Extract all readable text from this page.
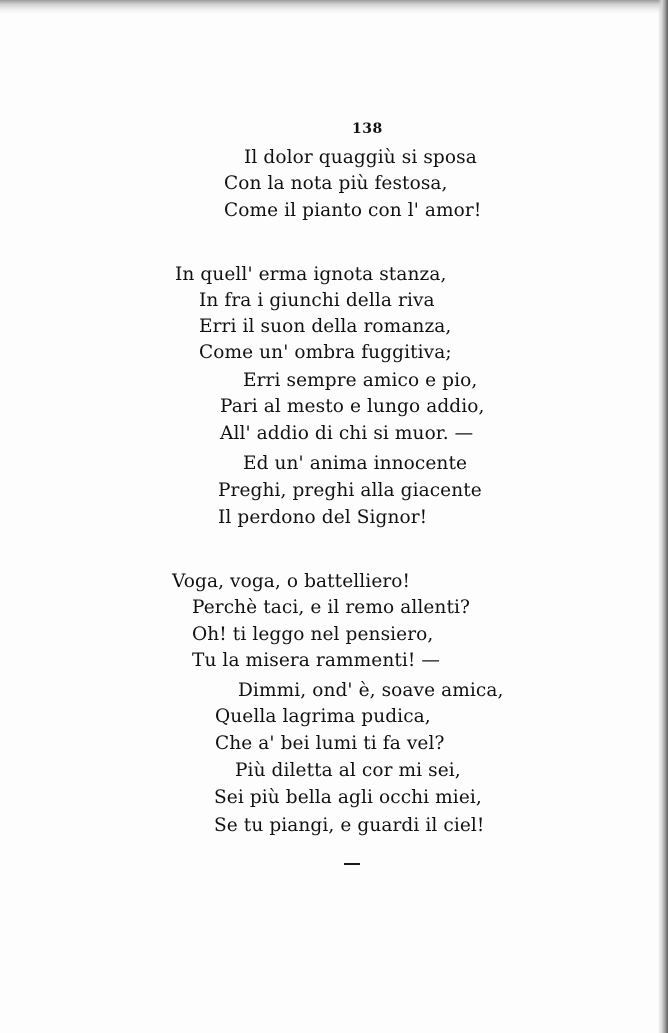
138
Il dolor quaggiù si sposa
Con la nota più festosa,
Come il pianto con l' amor!
In quell' erma ignota stanza,
In fra i giunchi della riva
Erri il suon della romanza,
Come un' ombra fuggitiva;
Erri sempre amico e pio,
Pari al mesto e lungo addio,
All' addio di chi si muor. —
Ed un' anima innocente
Preghi, preghi alla giacente
Il perdono del Signor!
Voga, voga, o battelliero!
Perchè taci, e il remo allenti?
Oh! ti leggo nel pensiero,
Tu la misera rammenti! —
Dimmi, ond' è, soave amica,
Quella lagrima pudica,
Che a' bei lumi ti fa vel?
Più diletta al cor mi sei,
Sei più bella agli occhi miei,
Se tu piangi, e guardi il ciel!
